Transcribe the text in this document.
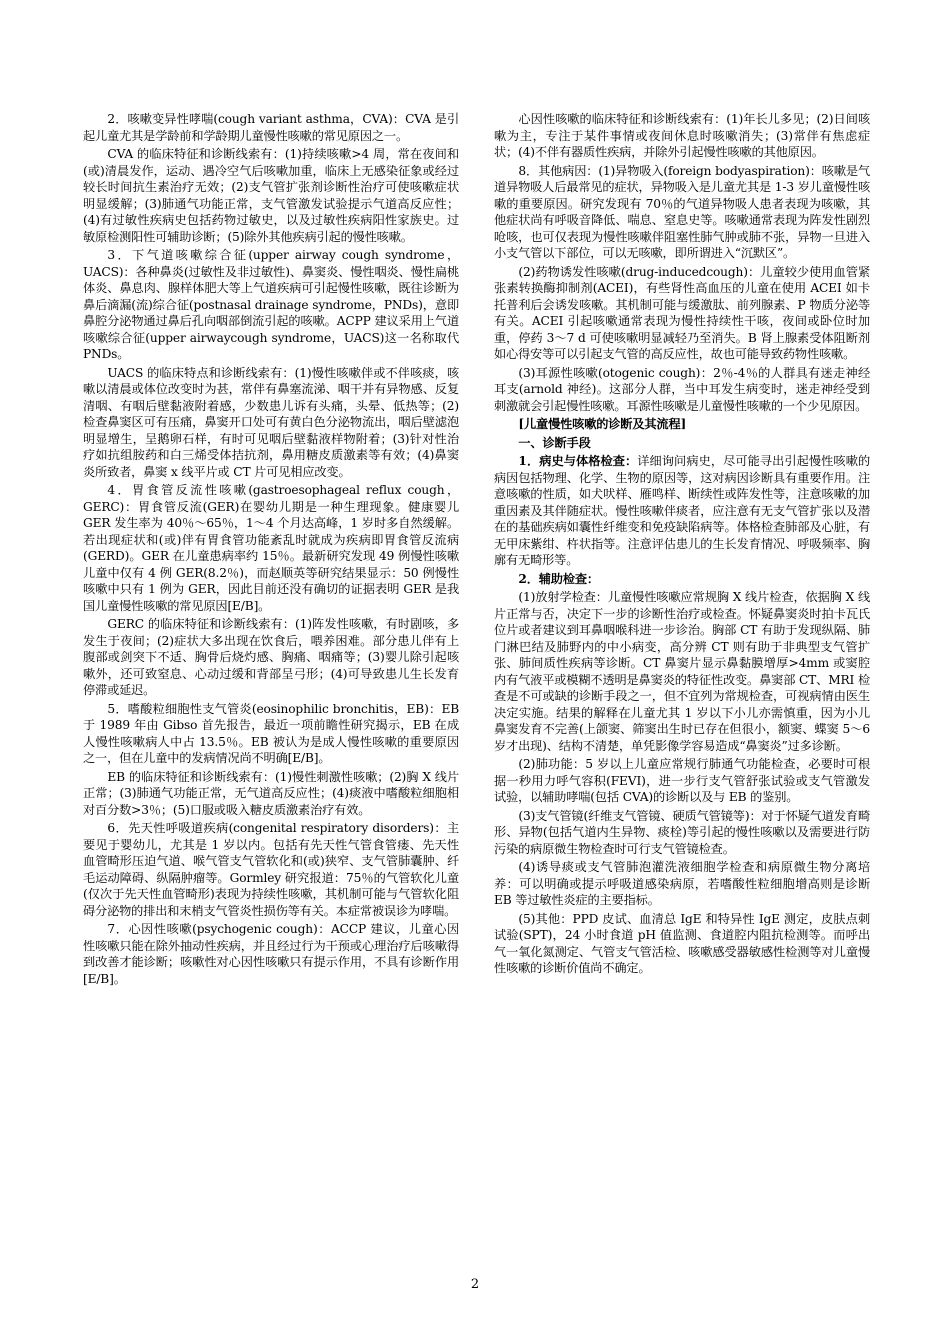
2．咳嗽变异性哮喘(cough variant asthma，CVA)：CVA 是引起儿童尤其是学龄前和学龄期儿童慢性咳嗽的常见原因之一。

CVA 的临床特征和诊断线索有：(1)持续咳嗽>4 周，常在夜间和(或)清晨发作，运动、遇冷空气后咳嗽加重，临床上无感染征象或经过较长时间抗生素治疗无效；(2)支气管扩张剂诊断性治疗可使咳嗽症状明显缓解；(3)肺通气功能正常，支气管激发试验提示气道高反应性；(4)有过敏性疾病史包括药物过敏史，以及过敏性疾病阳性家族史。过敏原检测阳性可辅助诊断；(5)除外其他疾病引起的慢性咳嗽。

3．下气道咳嗽综合征(upper airway cough syndrome，UACS)：各种鼻炎(过敏性及非过敏性)、鼻窦炎、慢性咽炎、慢性扁桃体炎、鼻息肉、腺样体肥大等上气道疾病可引起慢性咳嗽，既往诊断为鼻后滴漏(流)综合征(postnasal drainage syndrome，PNDs)，意即鼻腔分泌物通过鼻后孔向咽部倒流引起的咳嗽。ACPP 建议采用上气道咳嗽综合征(upper airwaycough syndrome，UACS)这一名称取代 PNDs。

UACS 的临床特点和诊断线索有：(1)慢性咳嗽伴或不伴咳痰，咳嗽以清晨或体位改变时为甚，常伴有鼻塞流涕、咽干并有异物感、反复清咽、有咽后壁黏液附着感，少数患儿诉有头痛，头晕、低热等；(2)检查鼻窦区可有压痛，鼻窦开口处可有黄白色分泌物流出，咽后壁滤泡明显增生，呈鹅卵石样，有时可见咽后壁黏液样物附着；(3)针对性治疗如抗组胺药和白三烯受体拮抗剂，鼻用糖皮质激素等有效；(4)鼻窦炎所致者，鼻窦 x 线平片或 CT 片可见相应改变。

4．胃食管反流性咳嗽(gastroesophageal reflux cough，GERC)：胃食管反流(GER)在婴幼儿期是一种生理现象。健康婴儿 GER 发生率为 40％～65％，1～4 个月达高峰，1 岁时多自然缓解。若出现症状和(或)伴有胃食管功能紊乱时就成为疾病即胃食管反流病(GERD)。GER 在儿童患病率约 15％。最新研究发现 49 例慢性咳嗽儿童中仅有 4 例 GER(8.2％)，而赵顺英等研究结果显示：50 例慢性咳嗽中只有 1 例为 GER，因此目前还没有确切的证据表明 GER 是我国儿童慢性咳嗽的常见原因[E/B]。

GERC 的临床特征和诊断线索有：(1)阵发性咳嗽，有时剧咳，多发生于夜间；(2)症状大多出现在饮食后，喂养困难。部分患儿伴有上腹部或剑突下不适、胸骨后烧灼感、胸痛、咽痛等；(3)婴儿除引起咳嗽外，还可致窒息、心动过缓和背部呈弓形；(4)可导致患儿生长发育停滞或延迟。

5．嗜酸粒细胞性支气管炎(eosinophilic bronchitis，EB)：EB 于 1989 年由 Gibso 首先报告，最近一项前瞻性研究揭示，EB 在成人慢性咳嗽病人中占 13.5％。EB 被认为是成人慢性咳嗽的重要原因之一，但在儿童中的发病情况尚不明确[E/B]。

EB 的临床特征和诊断线索有：(1)慢性刺激性咳嗽；(2)胸 X 线片正常；(3)肺通气功能正常，无气道高反应性；(4)痰液中嗜酸粒细胞相对百分数>3％；(5)口服或吸入糖皮质激素治疗有效。

6．先天性呼吸道疾病(congenital respiratory disorders)：主要见于婴幼儿，尤其是 1 岁以内。包括有先天性气管食管瘘、先天性血管畸形压迫气道、喉气管支气管软化和(或)狭窄、支气管肺囊肿、纤毛运动障碍、纵隔肿瘤等。Gormley 研究报道：75％的气管软化儿童(仅次于先天性血管畸形)表现为持续性咳嗽，其机制可能与气管软化阻碍分泌物的排出和末梢支气管炎性损伤等有关。本症常被误诊为哮喘。

7．心因性咳嗽(psychogenic cough)：ACCP 建议，儿童心因性咳嗽只能在除外抽动性疾病，并且经过行为干预或心理治疗后咳嗽得到改善才能诊断；咳嗽性对心因性咳嗽只有提示作用，不具有诊断作用[E/B]。

心因性咳嗽的临床特征和诊断线索有：(1)年长儿多见；(2)日间咳嗽为主，专注于某件事情或夜间休息时咳嗽消失；(3)常伴有焦虑症状；(4)不伴有器质性疾病，并除外引起慢性咳嗽的其他原因。

8．其他病因：(1)异物吸入(foreign bodyaspiration)：咳嗽是气道异物吸人后最常见的症状，异物吸入是儿童尤其是 1-3 岁儿童慢性咳嗽的重要原因。研究发现有 70％的气道异物吸人患者表现为咳嗽，其他症状尚有呼吸音降低、喘息、窒息史等。咳嗽通常表现为阵发性剧烈呛咳，也可仅表现为慢性咳嗽伴阻塞性肺气肿或肺不张，异物一旦进入小支气管以下部位，可以无咳嗽，即所谓进入“沉默区”。

(2)药物诱发性咳嗽(drug-inducedcough)：儿童较少使用血管紧张素转换酶抑制剂(ACEI)，有些肾性高血压的儿童在使用 ACEI 如卡托普利后会诱发咳嗽。其机制可能与缓激肽、前列腺素、P 物质分泌等有关。ACEI 引起咳嗽通常表现为慢性持续性干咳，夜间或卧位时加重，停药 3～7 d 可使咳嗽明显减轻乃至消失。B 肾上腺素受体阻断剂如心得安等可以引起支气管的高反应性，故也可能导致药物性咳嗽。

(3)耳源性咳嗽(otogenic cough)：2％-4％的人群具有迷走神经耳支(arnold 神经)。这部分人群，当中耳发生病变时，迷走神经受到刺激就会引起慢性咳嗽。耳源性咳嗽是儿童慢性咳嗽的一个少见原因。

[儿童慢性咳嗽的诊断及其流程]

一、诊断手段

1．病史与体格检查：详细询问病史，尽可能寻出引起慢性咳嗽的病因包括物理、化学、生物的原因等，这对病因诊断具有重要作用。注意咳嗽的性质，如犬吠样、雁鸣样、断续性或阵发性等，注意咳嗽的加重因素及其伴随症状。慢性咳嗽伴痰者，应注意有无支气管扩张以及潜在的基础疾病如囊性纤维变和免疫缺陷病等。体格检查肺部及心脏，有无甲床紫绀、杵状指等。注意评估患儿的生长发育情况、呼吸频率、胸廓有无畸形等。

2．辅助检查：

(1)放射学检查：儿童慢性咳嗽应常规胸 X 线片检查，依据胸 X 线片正常与否，决定下一步的诊断性治疗或检查。怀疑鼻窦炎时拍卡瓦氏位片或者建议到耳鼻咽喉科进一步诊治。胸部 CT 有助于发现纵隔、肺门淋巴结及肺野内的中小病变，高分辨 CT 则有助于非典型支气管扩张、肺间质性疾病等诊断。CT 鼻窦片显示鼻黏膜增厚>4mm 或窦腔内有气液平或模糊不透明是鼻窦炎的特征性改变。鼻窦部 CT、MRI 检查是不可或缺的诊断手段之一，但不宜列为常规检查，可视病情由医生决定实施。结果的解释在儿童尤其 1 岁以下小儿亦需慎重，因为小儿鼻窦发育不完善(上颌窦、筛窦出生时已存在但很小，额窦、蝶窦 5～6 岁才出现)、结构不清楚，单凭影像学容易造成“鼻窦炎”过多诊断。

(2)肺功能：5 岁以上儿童应常规行肺通气功能检查，必要时可根据一秒用力呼气容积(FEVI)，进一步行支气管舒张试验或支气管激发试验，以辅助哮喘(包括 CVA)的诊断以及与 EB 的鉴别。

(3)支气管镜(纤维支气管镜、硬质气管镜等)：对于怀疑气道发育畸形、异物(包括气道内生异物、痰栓)等引起的慢性咳嗽以及需要进行防污染的病原微生物检查时可行支气管镜检查。

(4)诱导痰或支气管肺泡灌洗液细胞学检查和病原微生物分离培养：可以明确或提示呼吸道感染病原，若嗜酸性粒细胞增高则是诊断 EB 等过敏性炎症的主要指标。

(5)其他：PPD 皮试、血清总 IgE 和特异性 IgE 测定，皮肤点刺试验(SPT)，24 小时食道 pH 值监测、食道腔内阻抗检测等。而呼出气一氧化氮测定、气管支气管活检、咳嗽感受器敏感性检测等对儿童慢性咳嗽的诊断价值尚不确定。

2
